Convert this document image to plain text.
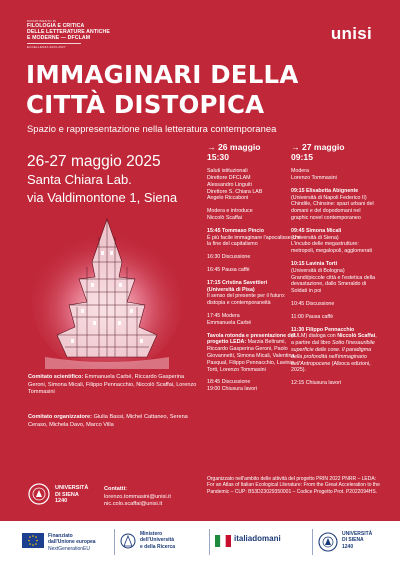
DIPARTIMENTO DI
FILOLOGIA E CRITICA
DELLE LETTERATURE ANTICHE
E MODERNE — DFCLAM
ECCELLENZA 2023-2027
unisi
IMMAGINARI DELLA
CITTÀ DISTOPICA
Spazio e rappresentazione nella letteratura contemporanea
26-27 maggio 2025
Santa Chiara Lab.
via Valdimontone 1, Siena
Comitato scientifico: Emmanuela Carbé, Riccardo Gasperina Geroni, Simona Micali, Filippo Pennacchio, Niccolò Scaffai, Lorenzo Tommasini
Comitato organizzatore: Giulia Bassi, Michel Cattaneo, Serena Ceraso, Michela Davo, Marco Villa
UNIVERSITÀ
DI SIENA
1240
Contatti:
lorenzo.tommasini@unisi.it
nic.colo.scaffai@unisi.it
→ 26 maggio
15:30
Saluti istituzionali
Direttore DFCLAM
Alessandro Linguiti
Direttore S. Chiara LAB
Angelo Riccaboni
Modera e introduce
Niccolò Scaffai
15:45 Tommaso Pincio
È più facile immaginare l'apocalisse che la fine del capitalismo
16:30 Discussione
16:45 Pausa caffè
17:15 Cristina Savettieri
(Università di Pisa)
Il senso del presente per il futuro: distopia e contemporaneità
17:45 Modera
Emmanuela Carbé
Tavola rotonda e presentazione del progetto LEDA: Marzia Beltrami, Riccardo Gasperina Geroni, Paolo Giovannetti, Simona Micali, Valentina Pasqual, Filippo Pennacchio, Lavinia Torti, Lorenzo Tommasini
18:45 Discussione
19:00 Chiusura lavori
→ 27 maggio
09:15
Modera
Lorenzo Tommasini
09:15 Elisabetta Abignente
(Università di Napoli Federico II)
Chindile, Chinsine: spazi urbani del domani e del dopodomani nel graphic novel contemporaneo
09:45 Simona Micali
(Università di Siena)
L'incubo delle megastrutture: metropoli, megalopoli, agglomerati
10:15 Lavinia Torti
(Università di Bologna)
Grandi/piccole città e l'estetica della devastazione, dallo Smeraldo di Soldati in poi
10:45 Discussione
11:00 Pausa caffè
11:30 Filippo Pennacchio
(IULM) dialoga con Niccolò Scaffai, a partire dal libro Sotto l'inesauribile superficie delle cose. Il paradigma della profondità nell'immaginario dell'Antropocene (Alboca edizioni, 2025).
12:15 Chiusura lavori
Organizzato nell'ambito delle attività del progetto PRIN 2022 PNRR – LEDA: For an Atlas of Italian Ecological Literature: From the Great Acceleration to the Pandemic – CUP: B53D23029350001 – Codice Progetto Prot. P2022094HS.
Finanziato
dall'Unione europea
NextGenerationEU
Ministero
dell'Università
e della Ricerca
italiadomani	UNIVERSITÀ
DI SIENA
1240
